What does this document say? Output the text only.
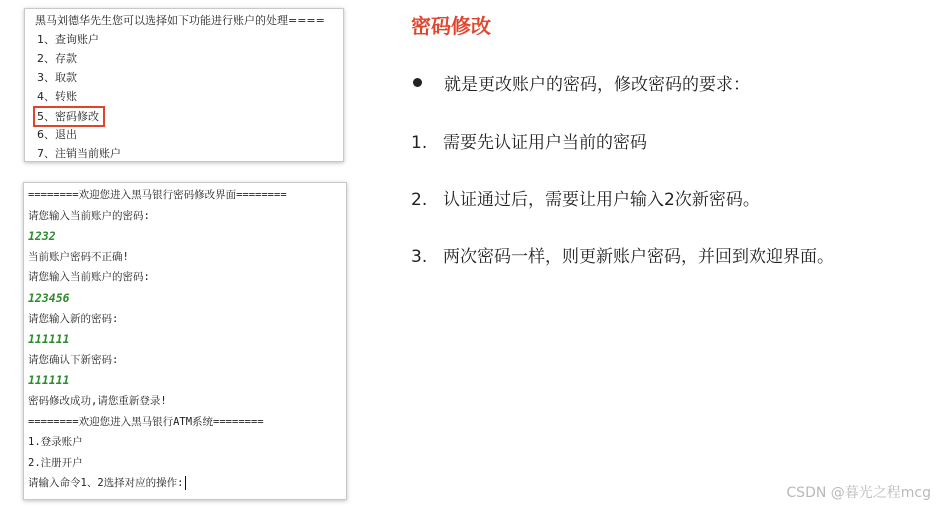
黑马刘德华先生您可以选择如下功能进行账户的处理====
1、查询账户
2、存款
3、取款
4、转账
5、密码修改
6、退出
7、注销当前账户
========欢迎您进入黑马银行密码修改界面========
请您输入当前账户的密码:
1232
当前账户密码不正确!
请您输入当前账户的密码:
123456
请您输入新的密码:
111111
请您确认下新密码:
111111
密码修改成功,请您重新登录!
========欢迎您进入黑马银行ATM系统========
1.登录账户
2.注册开户
请输入命令1、2选择对应的操作:
密码修改
就是更改账户的密码，修改密码的要求：
1. 需要先认证用户当前的密码
2. 认证通过后，需要让用户输入2次新密码。
3. 两次密码一样，则更新账户密码，并回到欢迎界面。
CSDN @暮光之程mcg
